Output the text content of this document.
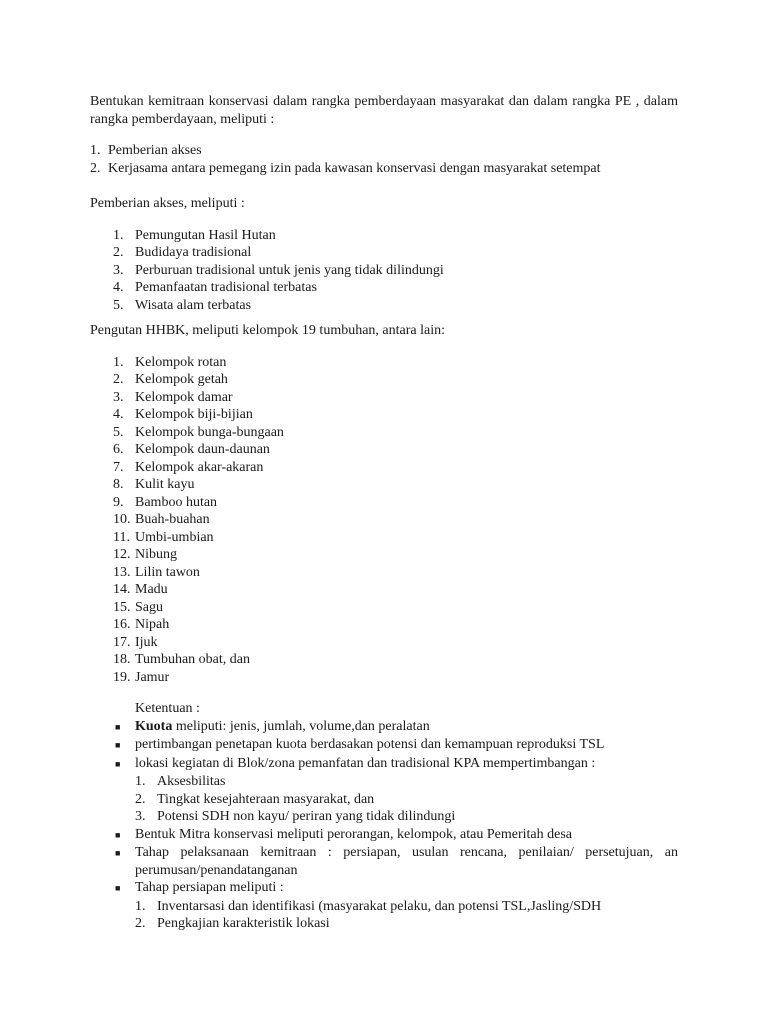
Bentukan kemitraan konservasi dalam rangka pemberdayaan masyarakat dan dalam rangka PE , dalam rangka pemberdayaan, meliputi :

1. Pemberian akses
2. Kerjasama antara pemegang izin pada kawasan konservasi dengan masyarakat setempat

Pemberian akses, meliputi :

1. Pemungutan Hasil Hutan
2. Budidaya tradisional
3. Perburuan tradisional untuk jenis yang tidak dilindungi
4. Pemanfaatan tradisional terbatas
5. Wisata alam terbatas

Pengutan HHBK, meliputi kelompok 19 tumbuhan, antara lain:

1. Kelompok rotan
2. Kelompok getah
3. Kelompok damar
4. Kelompok biji-bijian
5. Kelompok bunga-bungaan
6. Kelompok daun-daunan
7. Kelompok akar-akaran
8. Kulit kayu
9. Bamboo hutan
10. Buah-buahan
11. Umbi-umbian
12. Nibung
13. Lilin tawon
14. Madu
15. Sagu
16. Nipah
17. Ijuk
18. Tumbuhan obat, dan
19. Jamur

Ketentuan :

■	Kuota meliputi: jenis, jumlah, volume,dan peralatan
■	pertimbangan penetapan kuota berdasakan potensi dan kemampuan reproduksi TSL
■	lokasi kegiatan di Blok/zona pemanfatan dan tradisional KPA mempertimbangan :
1. Aksesbilitas
2. Tingkat kesejahteraan masyarakat, dan
3. Potensi SDH non kayu/ periran yang tidak dilindungi
■	Bentuk Mitra konservasi meliputi perorangan, kelompok, atau Pemeritah desa
■	Tahap pelaksanaan kemitraan : persiapan, usulan rencana, penilaian/ persetujuan, an perumusan/penandatanganan
■	Tahap persiapan meliputi :
1. Inventarsasi dan identifikasi (masyarakat pelaku, dan potensi TSL,Jasling/SDH
2. Pengkajian karakteristik lokasi
